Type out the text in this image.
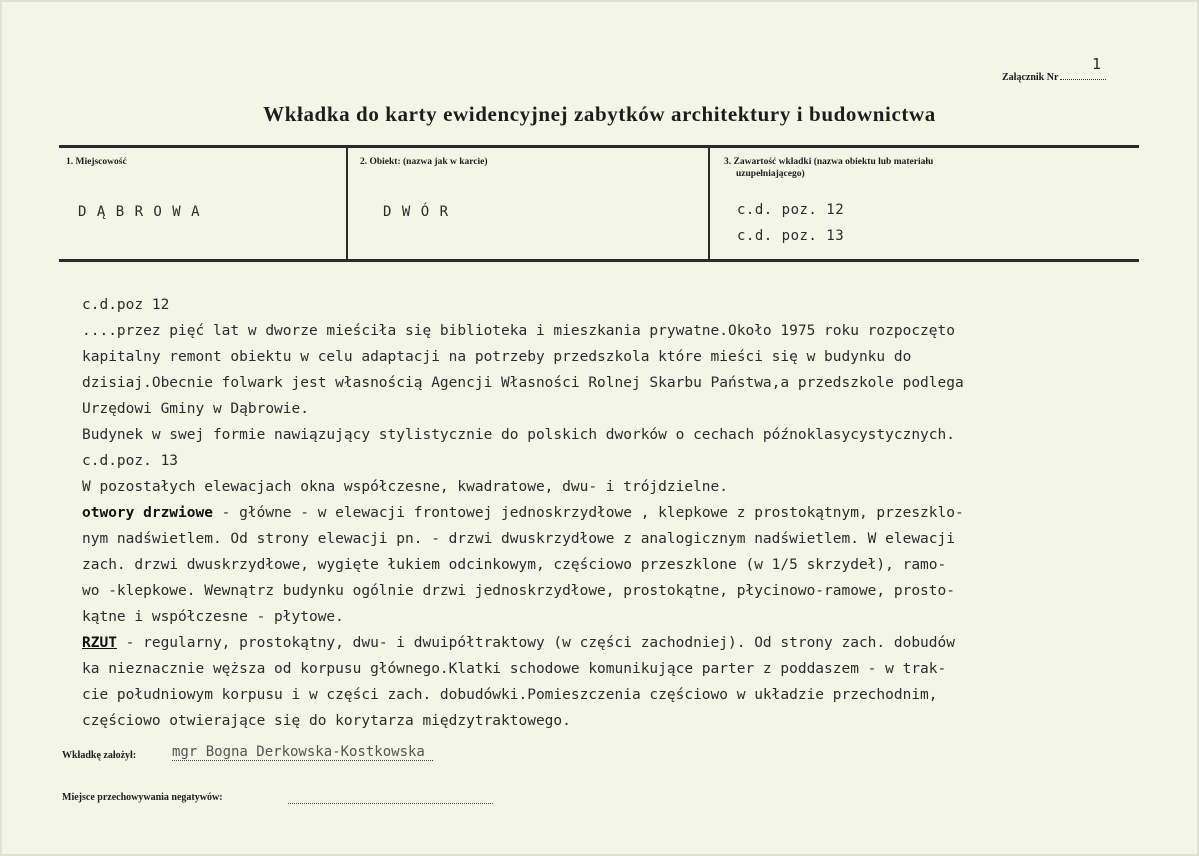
1
Załącznik Nr
Wkładka do karty ewidencyjnej zabytków architektury i budownictwa
1. Miejscowość	2. Obiekt: (nazwa jak w karcie)	3. Zawartość wkładki (nazwa obiektu lub materiału
uzupełniającego)
D Ą B R O W A	D W Ó R	c.d. poz. 12
c.d. poz. 13
c.d.poz 12
....przez pięć lat w dworze mieściła się biblioteka i mieszkania prywatne.Około 1975 roku rozpoczęto
kapitalny remont obiektu w celu adaptacji na potrzeby przedszkola które mieści się w budynku do
dzisiaj.Obecnie folwark jest własnością Agencji Własności Rolnej Skarbu Państwa,a przedszkole podlega
Urzędowi Gminy w Dąbrowie.
Budynek w swej formie nawiązujący stylistycznie do polskich dworków o cechach późnoklasycystycznych.
c.d.poz. 13
W pozostałych elewacjach okna współczesne, kwadratowe, dwu- i trójdzielne.
otwory drzwiowe - główne - w elewacji frontowej jednoskrzydłowe , klepkowe z prostokątnym, przeszklo-
nym nadświetlem. Od strony elewacji pn. - drzwi dwuskrzydłowe z analogicznym nadświetlem. W elewacji
zach. drzwi dwuskrzydłowe, wygięte łukiem odcinkowym, częściowo przeszklone (w 1/5 skrzydeł), ramo-
wo -klepkowe. Wewnątrz budynku ogólnie drzwi jednoskrzydłowe, prostokątne, płycinowo-ramowe, prosto-
kątne i współczesne - płytowe.
RZUT - regularny, prostokątny, dwu- i dwuipółtraktowy (w części zachodniej). Od strony zach. dobudów
ka nieznacznie węższa od korpusu głównego.Klatki schodowe komunikujące parter z poddaszem - w trak-
cie południowym korpusu i w części zach. dobudówki.Pomieszczenia częściowo w układzie przechodnim,
częściowo otwierające się do korytarza międzytraktowego.
Wkładkę założył:	mgr Bogna Derkowska-Kostkowska
Miejsce przechowywania negatywów:
